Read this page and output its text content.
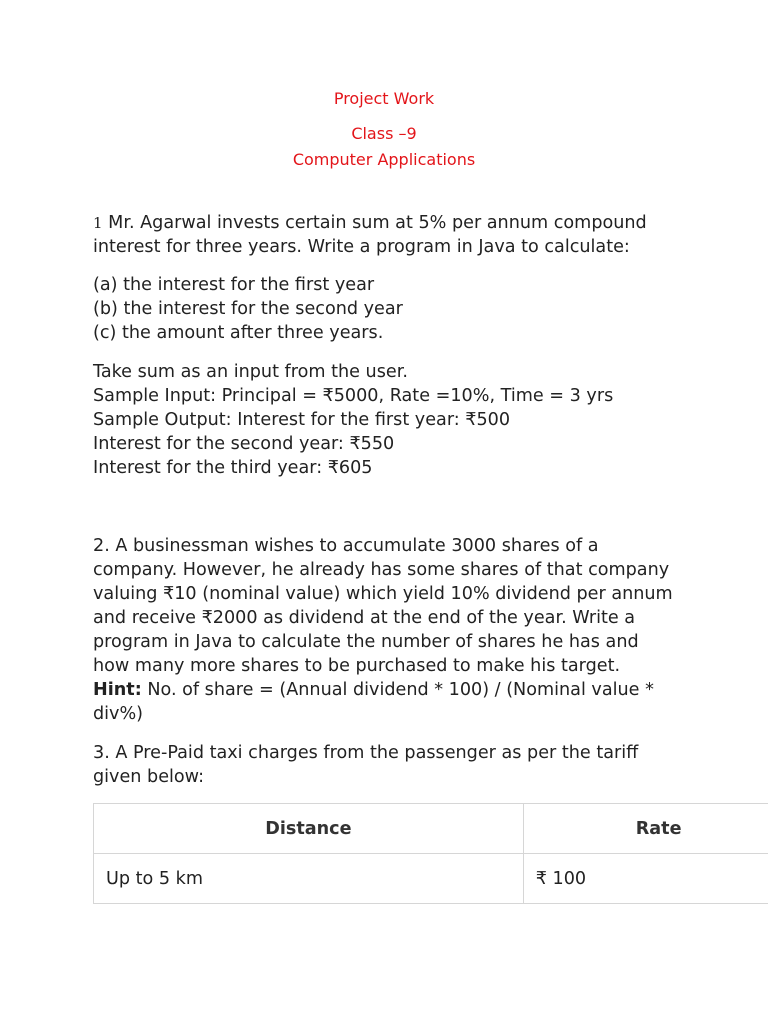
Project Work
Class –9
Computer Applications
1 Mr. Agarwal invests certain sum at 5% per annum compound
interest for three years. Write a program in Java to calculate:
(a) the interest for the first year
(b) the interest for the second year
(c) the amount after three years.
Take sum as an input from the user.
Sample Input: Principal = ₹5000, Rate =10%, Time = 3 yrs
Sample Output: Interest for the first year: ₹500
Interest for the second year: ₹550
Interest for the third year: ₹605
2. A businessman wishes to accumulate 3000 shares of a
company. However, he already has some shares of that company
valuing ₹10 (nominal value) which yield 10% dividend per annum
and receive ₹2000 as dividend at the end of the year. Write a
program in Java to calculate the number of shares he has and
how many more shares to be purchased to make his target.
Hint: No. of share = (Annual dividend * 100) / (Nominal value *
div%)
3. A Pre-Paid taxi charges from the passenger as per the tariff
given below:
Distance	Rate
Up to 5 km	₹ 100
